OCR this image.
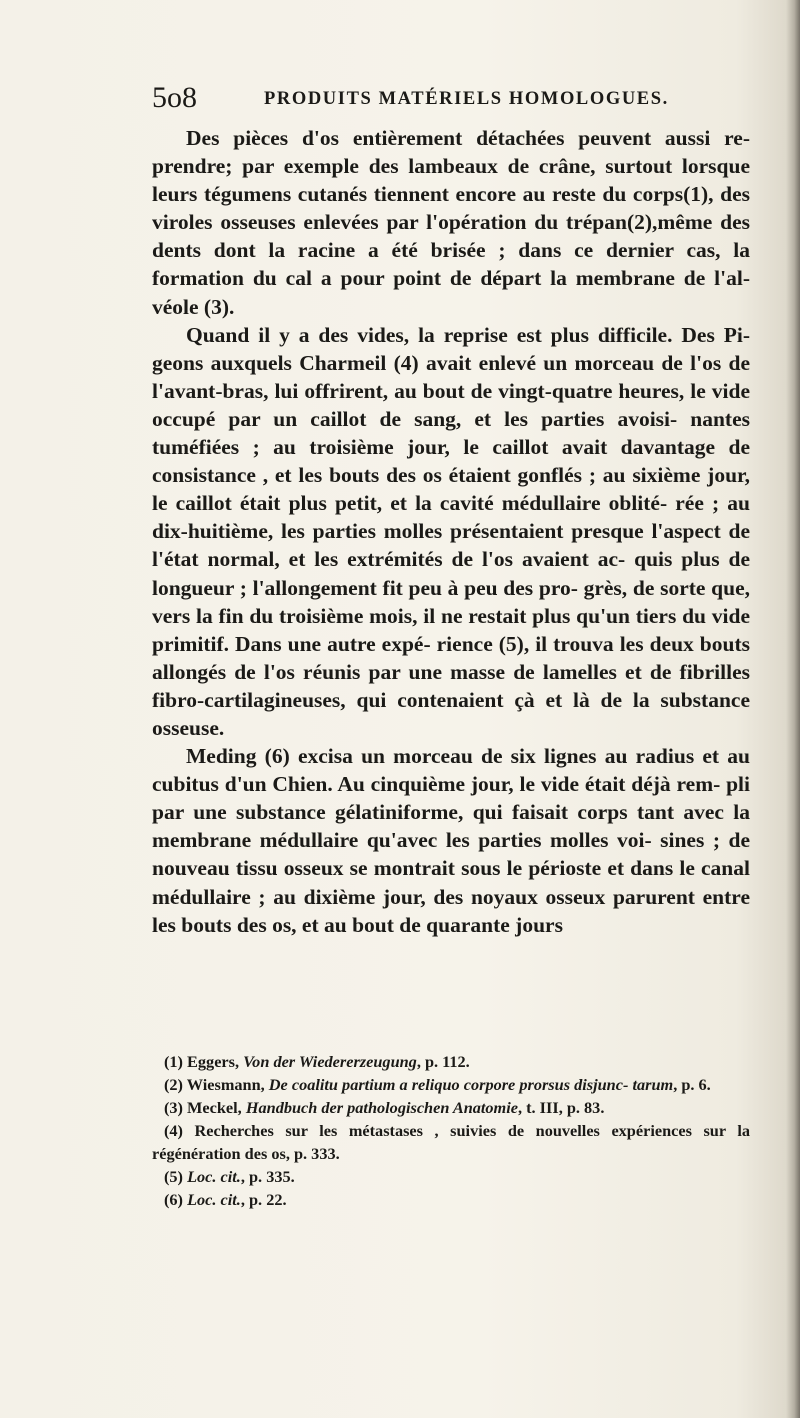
5o8	PRODUITS MATÉRIELS HOMOLOGUES.

Des pièces d'os entièrement détachées peuvent aussi re- prendre; par exemple des lambeaux de crâne, surtout lorsque leurs tégumens cutanés tiennent encore au reste du corps(1), des viroles osseuses enlevées par l'opération du trépan(2),même des dents dont la racine a été brisée ; dans ce dernier cas, la formation du cal a pour point de départ la membrane de l'al- véole (3).

Quand il y a des vides, la reprise est plus difficile. Des Pi- geons auxquels Charmeil (4) avait enlevé un morceau de l'os de l'avant-bras, lui offrirent, au bout de vingt-quatre heures, le vide occupé par un caillot de sang, et les parties avoisi- nantes tuméfiées ; au troisième jour, le caillot avait davantage de consistance , et les bouts des os étaient gonflés ; au sixième jour, le caillot était plus petit, et la cavité médullaire oblité- rée ; au dix-huitième, les parties molles présentaient presque l'aspect de l'état normal, et les extrémités de l'os avaient ac- quis plus de longueur ; l'allongement fit peu à peu des pro- grès, de sorte que, vers la fin du troisième mois, il ne restait plus qu'un tiers du vide primitif. Dans une autre expé- rience (5), il trouva les deux bouts allongés de l'os réunis par une masse de lamelles et de fibrilles fibro-cartilagineuses, qui contenaient çà et là de la substance osseuse.

Meding (6) excisa un morceau de six lignes au radius et au cubitus d'un Chien. Au cinquième jour, le vide était déjà rem- pli par une substance gélatiniforme, qui faisait corps tant avec la membrane médullaire qu'avec les parties molles voi- sines ; de nouveau tissu osseux se montrait sous le périoste et dans le canal médullaire ; au dixième jour, des noyaux osseux parurent entre les bouts des os, et au bout de quarante jours

(1) Eggers, Von der Wiedererzeugung, p. 112.

(2) Wiesmann, De coalitu partium a reliquo corpore prorsus disjunc- tarum, p. 6.

(3) Meckel, Handbuch der pathologischen Anatomie, t. III, p. 83.

(4) Recherches sur les métastases , suivies de nouvelles expériences sur la régénération des os, p. 333.

(5) Loc. cit., p. 335.

(6) Loc. cit., p. 22.
